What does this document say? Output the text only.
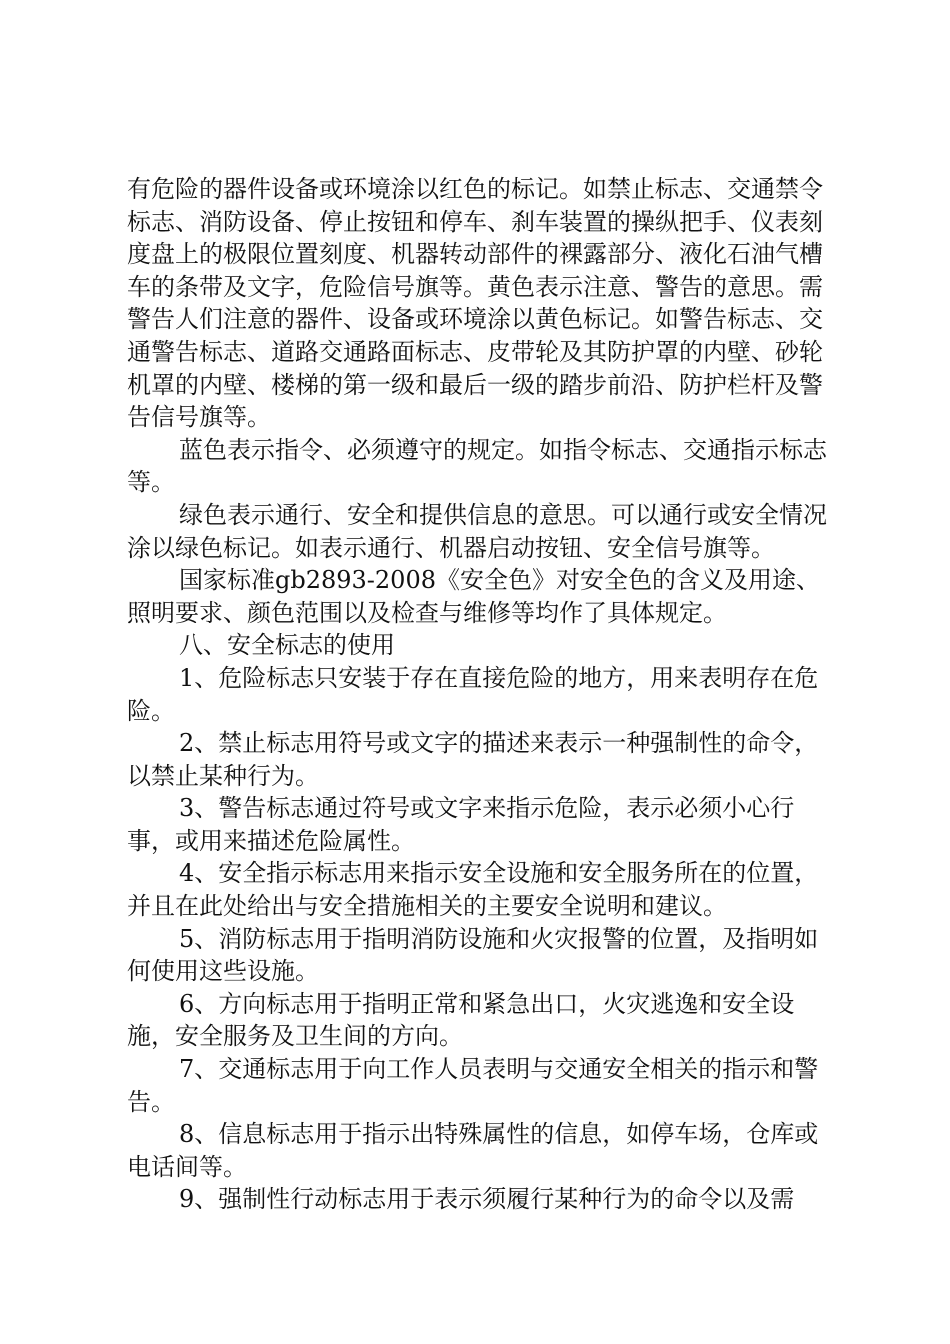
有危险的器件设备或环境涂以红色的标记。如禁止标志、交通禁令标志、消防设备、停止按钮和停车、刹车装置的操纵把手、仪表刻度盘上的极限位置刻度、机器转动部件的裸露部分、液化石油气槽车的条带及文字，危险信号旗等。黄色表示注意、警告的意思。需警告人们注意的器件、设备或环境涂以黄色标记。如警告标志、交通警告标志、道路交通路面标志、皮带轮及其防护罩的内壁、砂轮机罩的内壁、楼梯的第一级和最后一级的踏步前沿、防护栏杆及警告信号旗等。

蓝色表示指令、必须遵守的规定。如指令标志、交通指示标志等。

绿色表示通行、安全和提供信息的意思。可以通行或安全情况涂以绿色标记。如表示通行、机器启动按钮、安全信号旗等。

国家标准gb2893-2008《安全色》对安全色的含义及用途、照明要求、颜色范围以及检查与维修等均作了具体规定。

八、安全标志的使用

1、危险标志只安装于存在直接危险的地方，用来表明存在危险。

2、禁止标志用符号或文字的描述来表示一种强制性的命令，以禁止某种行为。

3、警告标志通过符号或文字来指示危险，表示必须小心行事，或用来描述危险属性。

4、安全指示标志用来指示安全设施和安全服务所在的位置，并且在此处给出与安全措施相关的主要安全说明和建议。

5、消防标志用于指明消防设施和火灾报警的位置，及指明如何使用这些设施。

6、方向标志用于指明正常和紧急出口，火灾逃逸和安全设施，安全服务及卫生间的方向。

7、交通标志用于向工作人员表明与交通安全相关的指示和警告。

8、信息标志用于指示出特殊属性的信息，如停车场，仓库或电话间等。

9、强制性行动标志用于表示须履行某种行为的命令以及需
